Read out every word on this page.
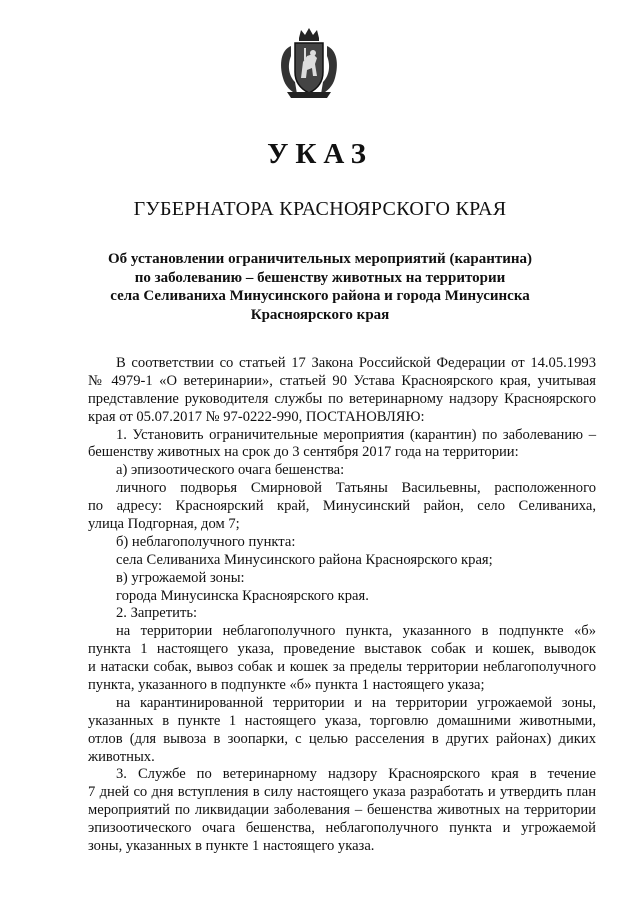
УКАЗ
ГУБЕРНАТОРА КРАСНОЯРСКОГО КРАЯ
Об установлении ограничительных мероприятий (карантина)
по заболеванию – бешенству животных на территории
села Селиваниха Минусинского района и города Минусинска
Красноярского края
В соответствии со статьей 17 Закона Российской Федерации от 14.05.1993
№ 4979-1 «О ветеринарии», статьей 90 Устава Красноярского края, учитывая
представление руководителя службы по ветеринарному надзору Красноярского
края от 05.07.2017 № 97-0222-990, ПОСТАНОВЛЯЮ:
1. Установить ограничительные мероприятия (карантин) по заболеванию –
бешенству животных на срок до 3 сентября 2017 года на территории:
а) эпизоотического очага бешенства:
личного подворья Смирновой Татьяны Васильевны, расположенного
по адресу: Красноярский край, Минусинский район, село Селиваниха,
улица Подгорная, дом 7;
б) неблагополучного пункта:
села Селиваниха Минусинского района Красноярского края;
в) угрожаемой зоны:
города Минусинска Красноярского края.
2. Запретить:
на территории неблагополучного пункта, указанного в подпункте «б»
пункта 1 настоящего указа, проведение выставок собак и кошек, выводок
и натаски собак, вывоз собак и кошек за пределы территории неблагополучного
пункта, указанного в подпункте «б» пункта 1 настоящего указа;
на карантинированной территории и на территории угрожаемой зоны,
указанных в пункте 1 настоящего указа, торговлю домашними животными,
отлов (для вывоза в зоопарки, с целью расселения в других районах) диких
животных.
3. Службе по ветеринарному надзору Красноярского края в течение
7 дней со дня вступления в силу настоящего указа разработать и утвердить план
мероприятий по ликвидации заболевания – бешенства животных на территории
эпизоотического очага бешенства, неблагополучного пункта и угрожаемой
зоны, указанных в пункте 1 настоящего указа.
